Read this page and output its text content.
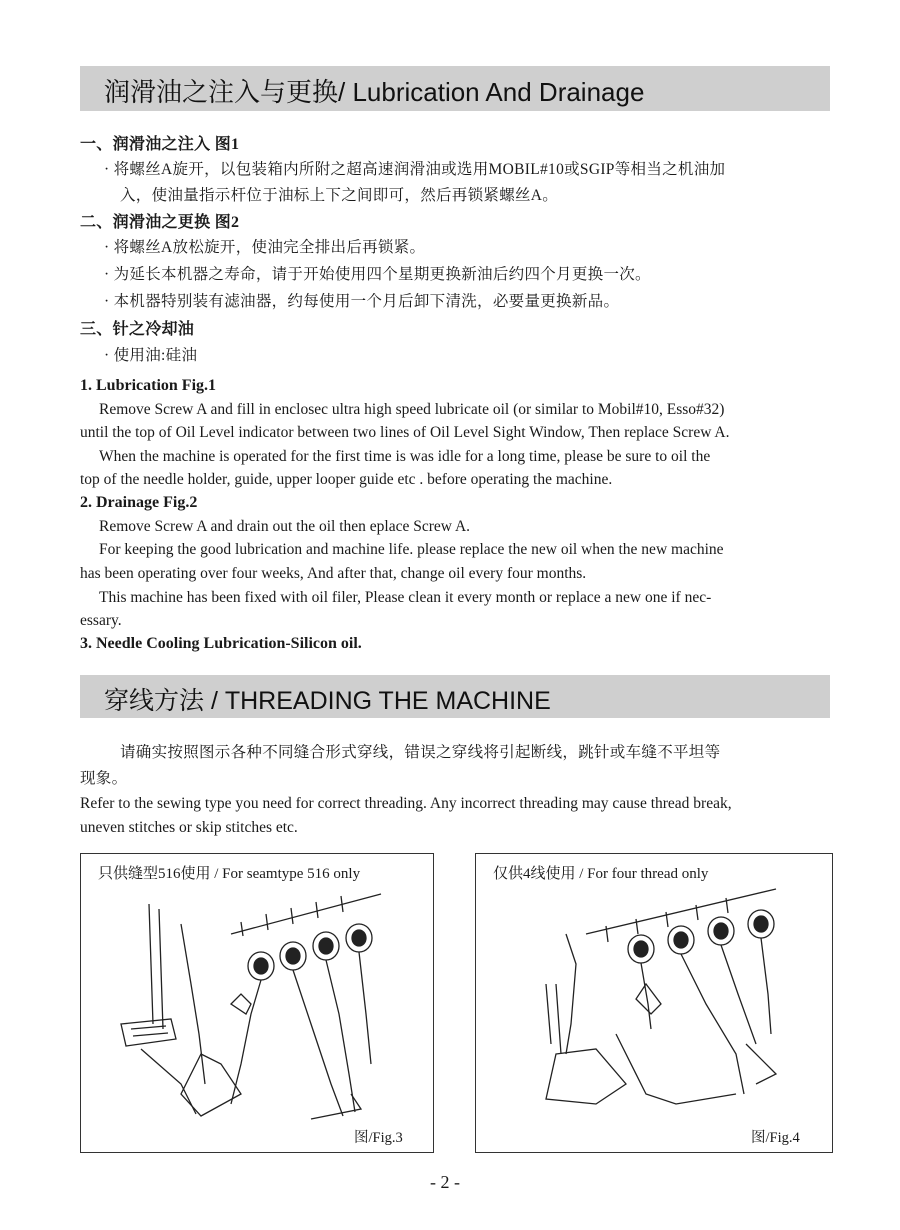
润滑油之注入与更换/ Lubrication And Drainage
一、润滑油之注入 图1
· 将螺丝A旋开，以包装箱内所附之超高速润滑油或选用MOBIL#10或SGIP等相当之机油加
入，使油量指示杆位于油标上下之间即可，然后再锁紧螺丝A。
二、润滑油之更换 图2
· 将螺丝A放松旋开，使油完全排出后再锁紧。
· 为延长本机器之寿命，请于开始使用四个星期更换新油后约四个月更换一次。
· 本机器特别装有滤油器，约每使用一个月后卸下清洗，必要量更换新品。
三、针之冷却油
· 使用油:硅油
1. Lubrication Fig.1
Remove Screw A and fill in enclosec ultra high speed lubricate oil (or similar to Mobil#10, Esso#32)
until the top of Oil Level indicator between two lines of Oil Level Sight Window, Then replace Screw A.
When the machine is operated for the first time is was idle for a long time, please be sure to oil the
top of the needle holder, guide, upper looper guide etc . before operating the machine.
2. Drainage Fig.2
Remove Screw A and drain out the oil then eplace Screw A.
For keeping the good lubrication and machine life. please replace the new oil when the new machine
has been operating over four weeks, And after that, change oil every four months.
This machine has been fixed with oil filer, Please clean it every month or replace a new one if nec-
essary.
3. Needle Cooling Lubrication-Silicon oil.
穿线方法 / THREADING THE MACHINE
请确实按照图示各种不同缝合形式穿线，错误之穿线将引起断线，跳针或车缝不平坦等
现象。
Refer to the sewing type you need for correct threading. Any incorrect threading may cause thread break,
uneven stitches or skip stitches etc.
只供缝型516使用 / For seamtype 516 only
图/Fig.3
仅供4线使用 / For four thread only
图/Fig.4
- 2 -
